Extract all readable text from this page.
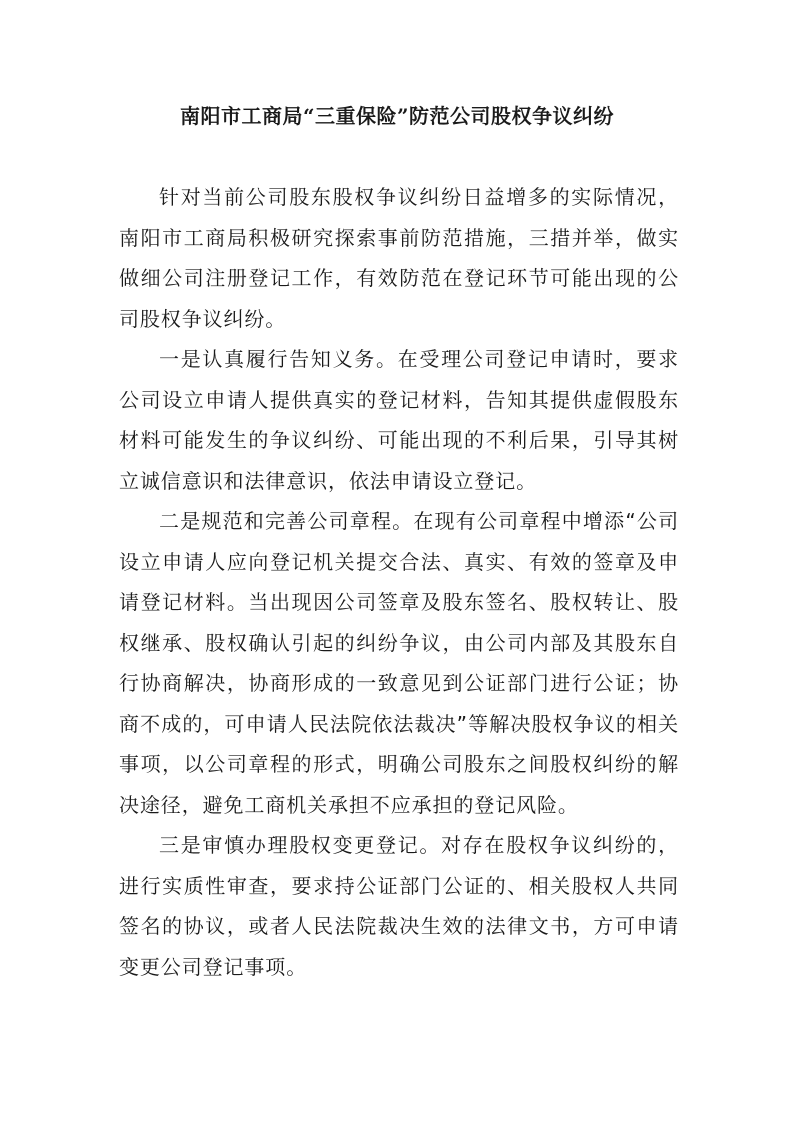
南阳市工商局“三重保险”防范公司股权争议纠纷

针对当前公司股东股权争议纠纷日益增多的实际情况，南阳市工商局积极研究探索事前防范措施，三措并举，做实做细公司注册登记工作，有效防范在登记环节可能出现的公司股权争议纠纷。

一是认真履行告知义务。在受理公司登记申请时，要求公司设立申请人提供真实的登记材料，告知其提供虚假股东材料可能发生的争议纠纷、可能出现的不利后果，引导其树立诚信意识和法律意识，依法申请设立登记。

二是规范和完善公司章程。在现有公司章程中增添“公司设立申请人应向登记机关提交合法、真实、有效的签章及申请登记材料。当出现因公司签章及股东签名、股权转让、股权继承、股权确认引起的纠纷争议，由公司内部及其股东自行协商解决，协商形成的一致意见到公证部门进行公证；协商不成的，可申请人民法院依法裁决”等解决股权争议的相关事项，以公司章程的形式，明确公司股东之间股权纠纷的解决途径，避免工商机关承担不应承担的登记风险。

三是审慎办理股权变更登记。对存在股权争议纠纷的，进行实质性审查，要求持公证部门公证的、相关股权人共同签名的协议，或者人民法院裁决生效的法律文书，方可申请变更公司登记事项。
